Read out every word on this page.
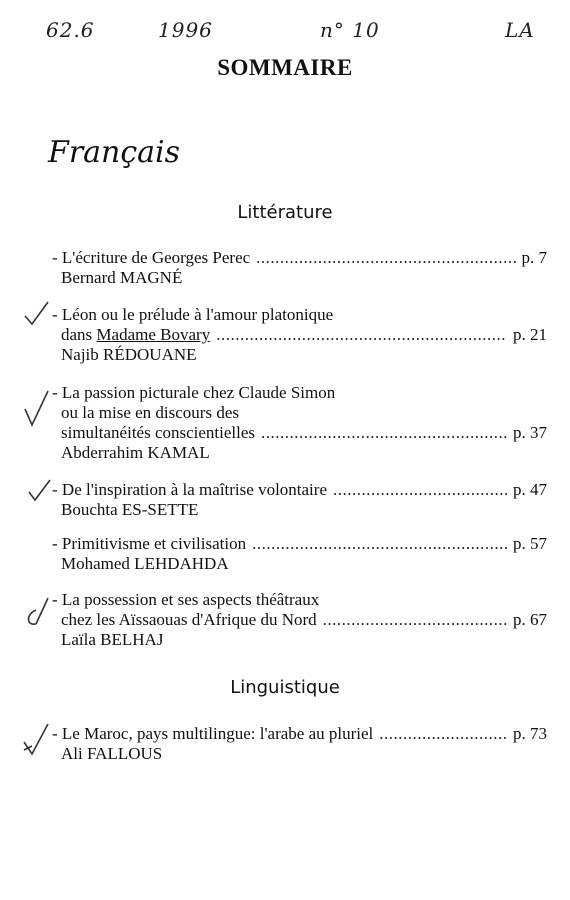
62.6	1996	n° 10	LA
SOMMAIRE
Français
Littérature
- L'écriture de Georges Perec .....	p. 7
Bernard MAGNÉ
- Léon ou le prélude à l'amour platonique
dans Madame Bovary .....	p. 21
Najib RÉDOUANE
- La passion picturale chez Claude Simon
ou la mise en discours des
simultanéités conscientielles .....	p. 37
Abderrahim KAMAL
- De l'inspiration à la maîtrise volontaire .....	p. 47
Bouchta ES-SETTE
- Primitivisme et civilisation .....	p. 57
Mohamed LEHDAHDA
- La possession et ses aspects théâtraux
chez les Aïssaouas d'Afrique du Nord .....	p. 67
Laïla BELHAJ
Linguistique
- Le Maroc, pays multilingue: l'arabe au pluriel .....	p. 73
Ali FALLOUS
